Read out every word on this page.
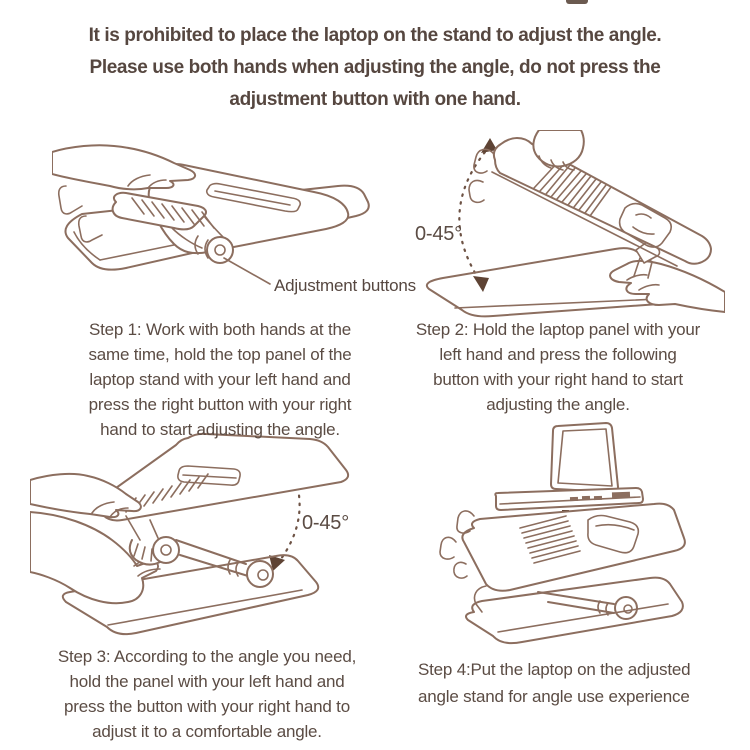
It is prohibited to place the laptop on the stand to adjust the angle.
Please use both hands when adjusting the angle, do not press the
adjustment button with one hand.
Adjustment buttons
0-45°
0-45°
Step 1: Work with both hands at the
same time, hold the top panel of the
laptop stand with your left hand and
press the right button with your right
hand to start adjusting the angle.
Step 2: Hold the laptop panel with your
left hand and press the following
button with your right hand to start
adjusting the angle.
Step 3: According to the angle you need,
hold the panel with your left hand and
press the button with your right hand to
adjust it to a comfortable angle.
Step 4:Put the laptop on the adjusted
angle stand for angle use experience
